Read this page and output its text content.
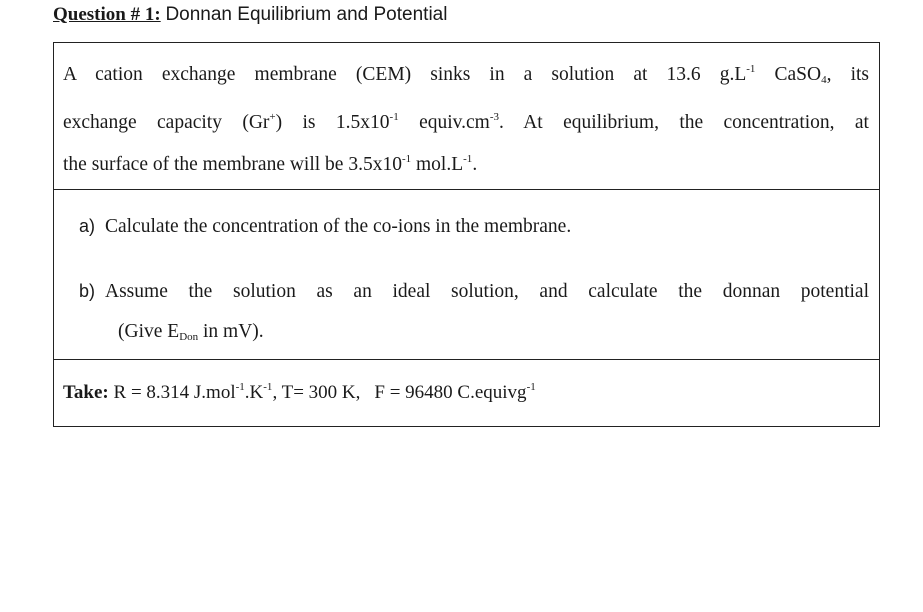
Question # 1: Donnan Equilibrium and Potential
A cation exchange membrane (CEM) sinks in a solution at 13.6 $g.L^{-1}$ CaSO$_4$, its
exchange capacity (Gr+) is $1.5x10^{-1}$ $equiv.cm^{-3}$. At equilibrium, the concentration, at
the surface of the membrane will be $3.5x10^{-1}$ $mol.L^{-1}$.
a) Calculate the concentration of the co-ions in the membrane.
b) Assume the solution as an ideal solution, and calculate the donnan potential
(Give $E_{Don}$ in mV).
Take: R = 8.314 $J.mol^{-1}.K^{-1}$, T= 300 K, F = 96480 C.equivg$^{-1}$
